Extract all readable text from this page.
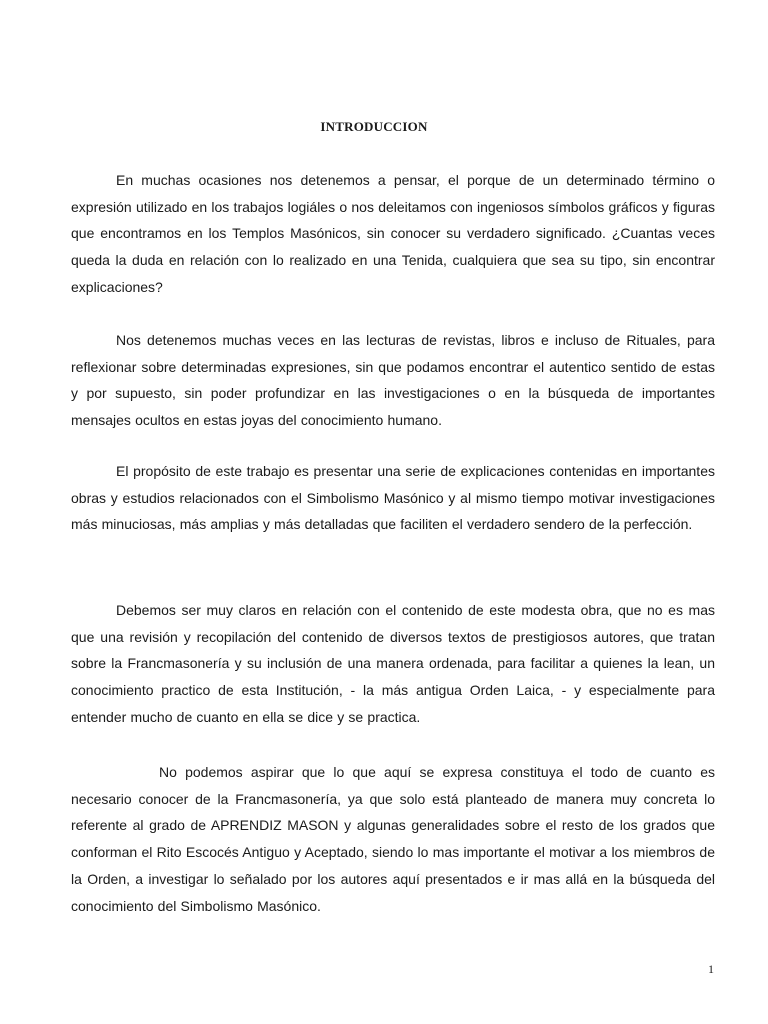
INTRODUCCION

En muchas ocasiones nos detenemos a pensar, el porque de un determinado término o expresión utilizado en los trabajos logiáles o nos deleitamos con ingeniosos símbolos gráficos y figuras que encontramos en los Templos Masónicos, sin conocer su verdadero significado. ¿Cuantas veces queda la duda en relación con lo realizado en una Tenida, cualquiera que sea su tipo, sin encontrar explicaciones?

Nos detenemos muchas veces en las lecturas de revistas, libros e incluso de Rituales, para reflexionar sobre determinadas expresiones, sin que podamos encontrar el autentico sentido de estas y por supuesto, sin poder profundizar en las investigaciones o en la búsqueda de importantes mensajes ocultos en estas joyas del conocimiento humano.

El propósito de este trabajo es presentar una serie de explicaciones contenidas en importantes obras y estudios relacionados con el Simbolismo Masónico y al mismo tiempo motivar investigaciones más minuciosas, más amplias y más detalladas que faciliten el verdadero sendero de la perfección.

Debemos ser muy claros en relación con el contenido de este modesta obra, que no es mas que una revisión y recopilación del contenido de diversos textos de prestigiosos autores, que tratan sobre la Francmasonería y su inclusión de una manera ordenada, para facilitar a quienes la lean, un conocimiento practico de esta Institución, - la más antigua Orden Laica, - y especialmente para entender mucho de cuanto en ella se dice y se practica.

No podemos aspirar que lo que aquí se expresa constituya el todo de cuanto es necesario conocer de la Francmasonería, ya que solo está planteado de manera muy concreta lo referente al grado de APRENDIZ MASON y algunas generalidades sobre el resto de los grados que conforman el Rito Escocés Antiguo y Aceptado, siendo lo mas importante el motivar a los miembros de la Orden, a investigar lo señalado por los autores aquí presentados e ir mas allá en la búsqueda del conocimiento del Simbolismo Masónico.

1
